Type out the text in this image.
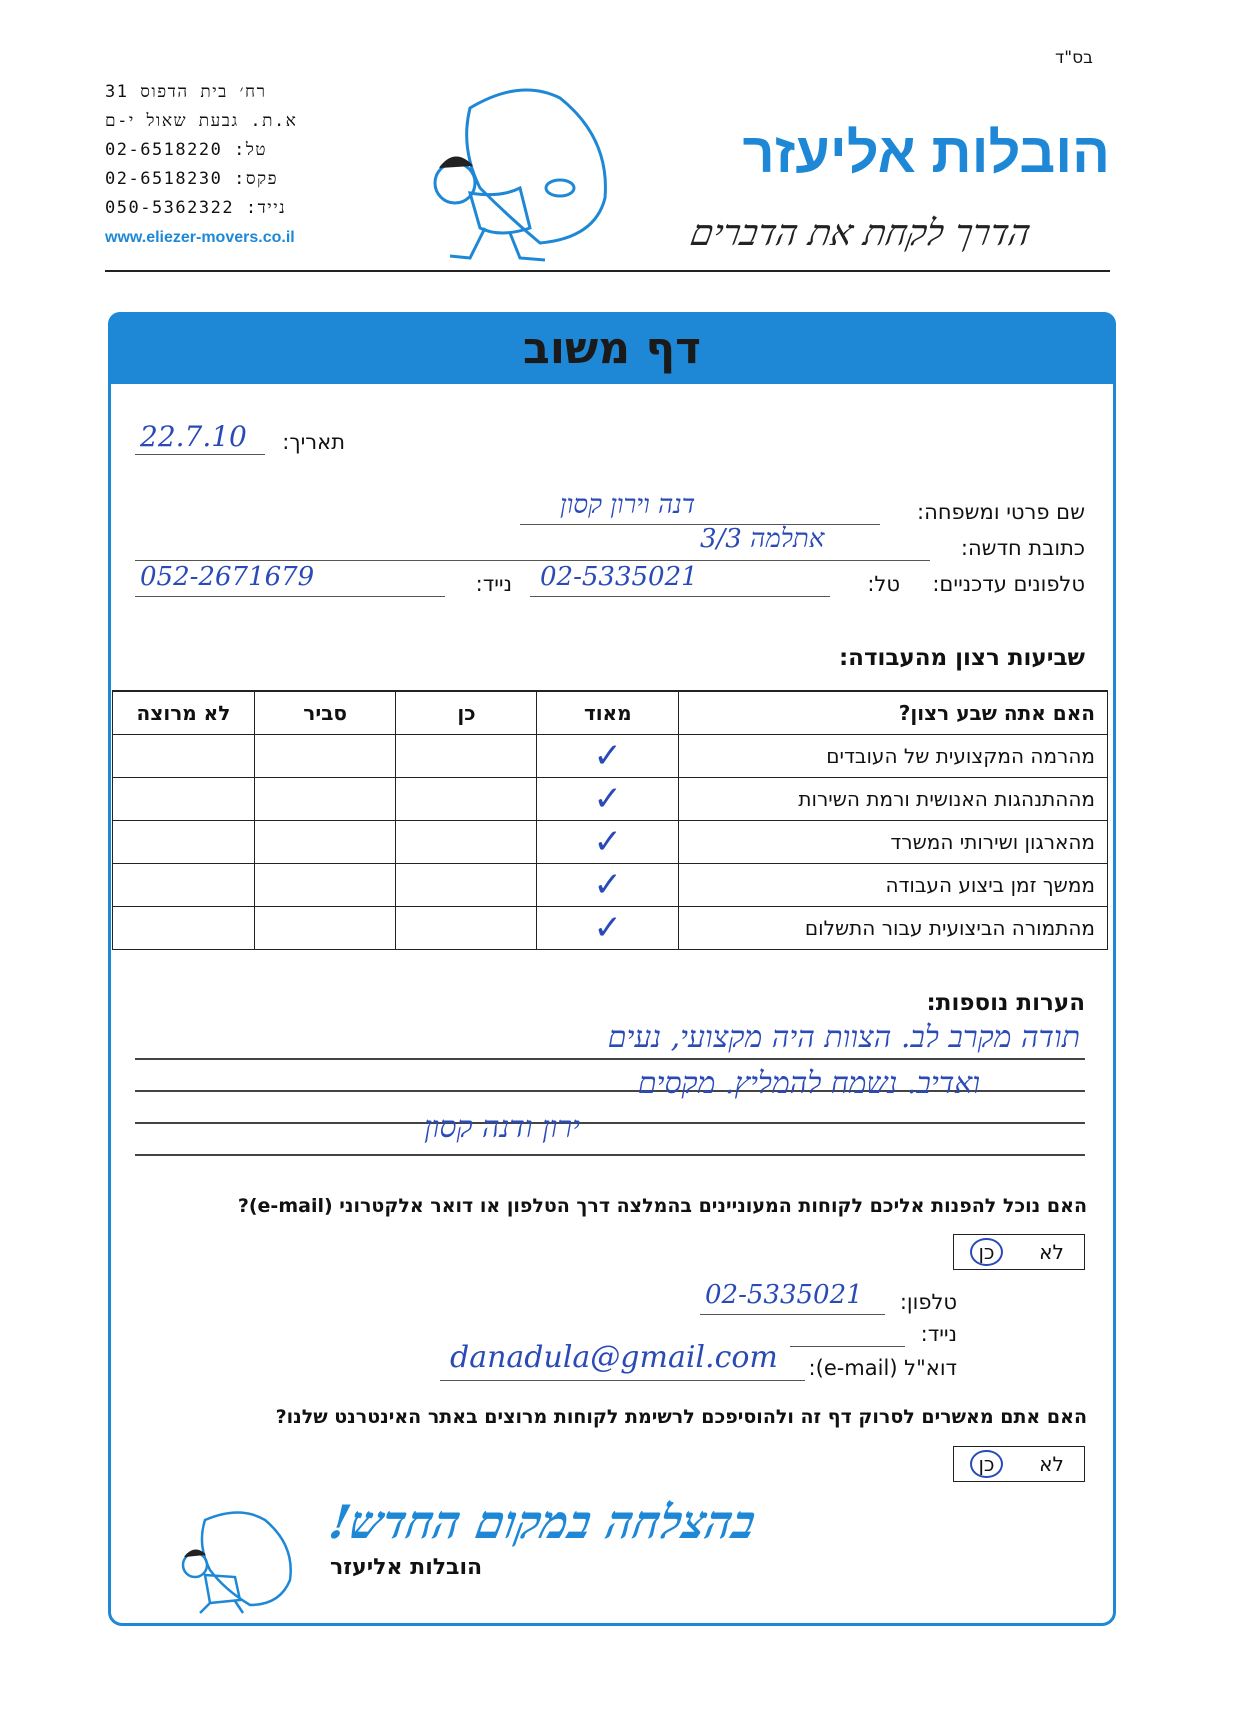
בס"ד
רח׳ בית הדפוס 31
א.ת. גבעת שאול י-ם
טל: 02-6518220
פקס: 02-6518230
נייד: 050-5362322
www.eliezer-movers.co.il
הובלות אליעזר
הדרך לקחת את הדברים
דף משוב
תאריך:
22.7.10
שם פרטי ומשפחה:
דנה וירון קסון
כתובת חדשה:
אתלמה 3/3
טלפונים עדכניים:
טל:
02-5335021
נייד:
052-2671679
שביעות רצון מהעבודה:
האם אתה שבע רצון?	מאוד	כן	סביר	לא מרוצה
מהרמה המקצועית של העובדים	✓			
מההתנהגות האנושית ורמת השירות	✓			
מהארגון ושירותי המשרד	✓			
ממשך זמן ביצוע העבודה	✓			
מהתמורה הביצועית עבור התשלום	✓			
הערות נוספות:
תודה מקרב לב. הצוות היה מקצועי, נעים
ואדיב. נשמח להמליץ. מקסים
ירון ודנה קסון
האם נוכל להפנות אליכם לקוחות המעוניינים בהמלצה דרך הטלפון או דואר אלקטרוני (e-mail)?
לא
כן
טלפון:
02-5335021
נייד:
דוא"ל (e-mail):
danadula@gmail.com
האם אתם מאשרים לסרוק דף זה ולהוסיפכם לרשימת לקוחות מרוצים באתר האינטרנט שלנו?
לא
כן
בהצלחה במקום החדש!
הובלות אליעזר
